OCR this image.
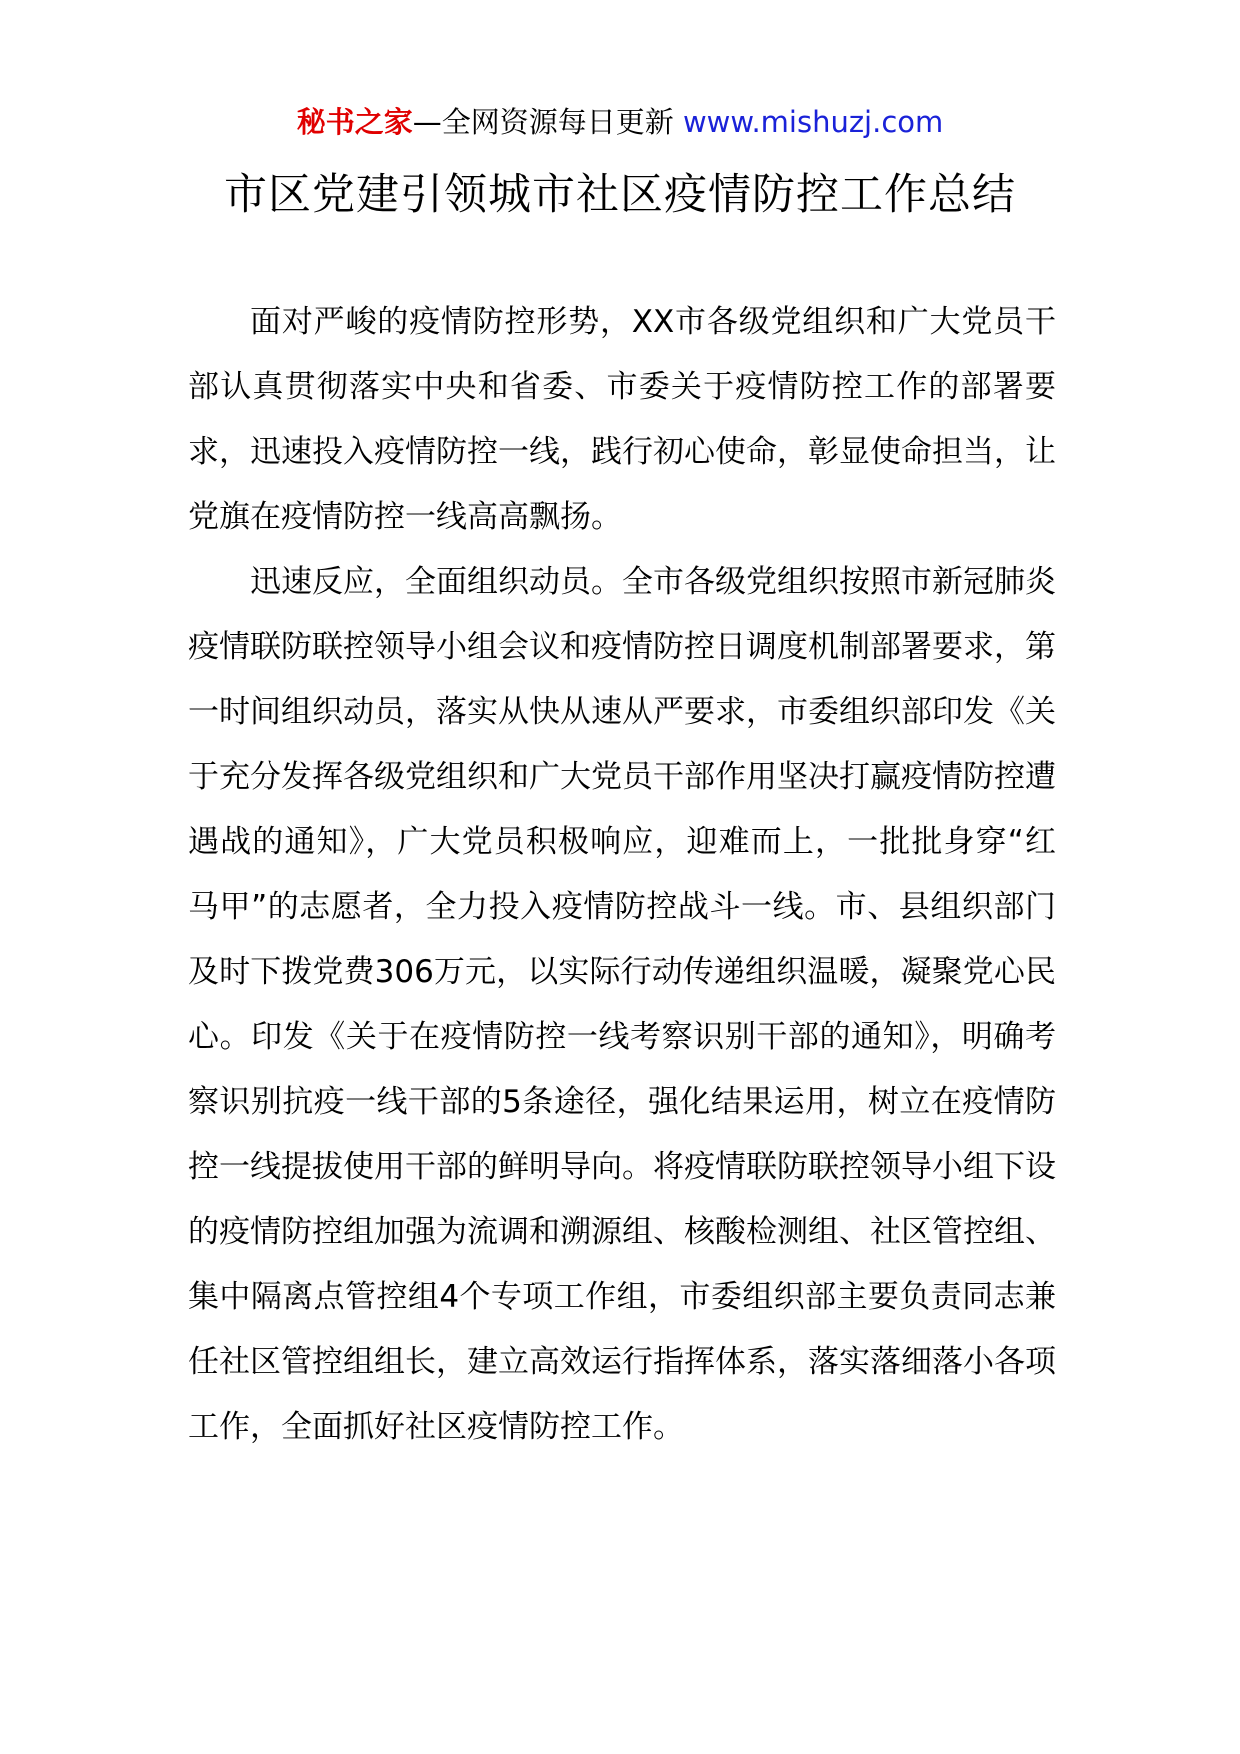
秘书之家—全网资源每日更新 www.mishuzj.com
市区党建引领城市社区疫情防控工作总结

面对严峻的疫情防控形势，XX市各级党组织和广大党员干部认真贯彻落实中央和省委、市委关于疫情防控工作的部署要求，迅速投入疫情防控一线，践行初心使命，彰显使命担当，让党旗在疫情防控一线高高飘扬。

迅速反应，全面组织动员。全市各级党组织按照市新冠肺炎疫情联防联控领导小组会议和疫情防控日调度机制部署要求，第一时间组织动员，落实从快从速从严要求，市委组织部印发《关于充分发挥各级党组织和广大党员干部作用坚决打赢疫情防控遭遇战的通知》，广大党员积极响应，迎难而上，一批批身穿“红马甲”的志愿者，全力投入疫情防控战斗一线。市、县组织部门及时下拨党费306万元，以实际行动传递组织温暖，凝聚党心民心。印发《关于在疫情防控一线考察识别干部的通知》，明确考察识别抗疫一线干部的5条途径，强化结果运用，树立在疫情防控一线提拔使用干部的鲜明导向。将疫情联防联控领导小组下设的疫情防控组加强为流调和溯源组、核酸检测组、社区管控组、集中隔离点管控组4个专项工作组，市委组织部主要负责同志兼任社区管控组组长，建立高效运行指挥体系，落实落细落小各项工作，全面抓好社区疫情防控工作。
